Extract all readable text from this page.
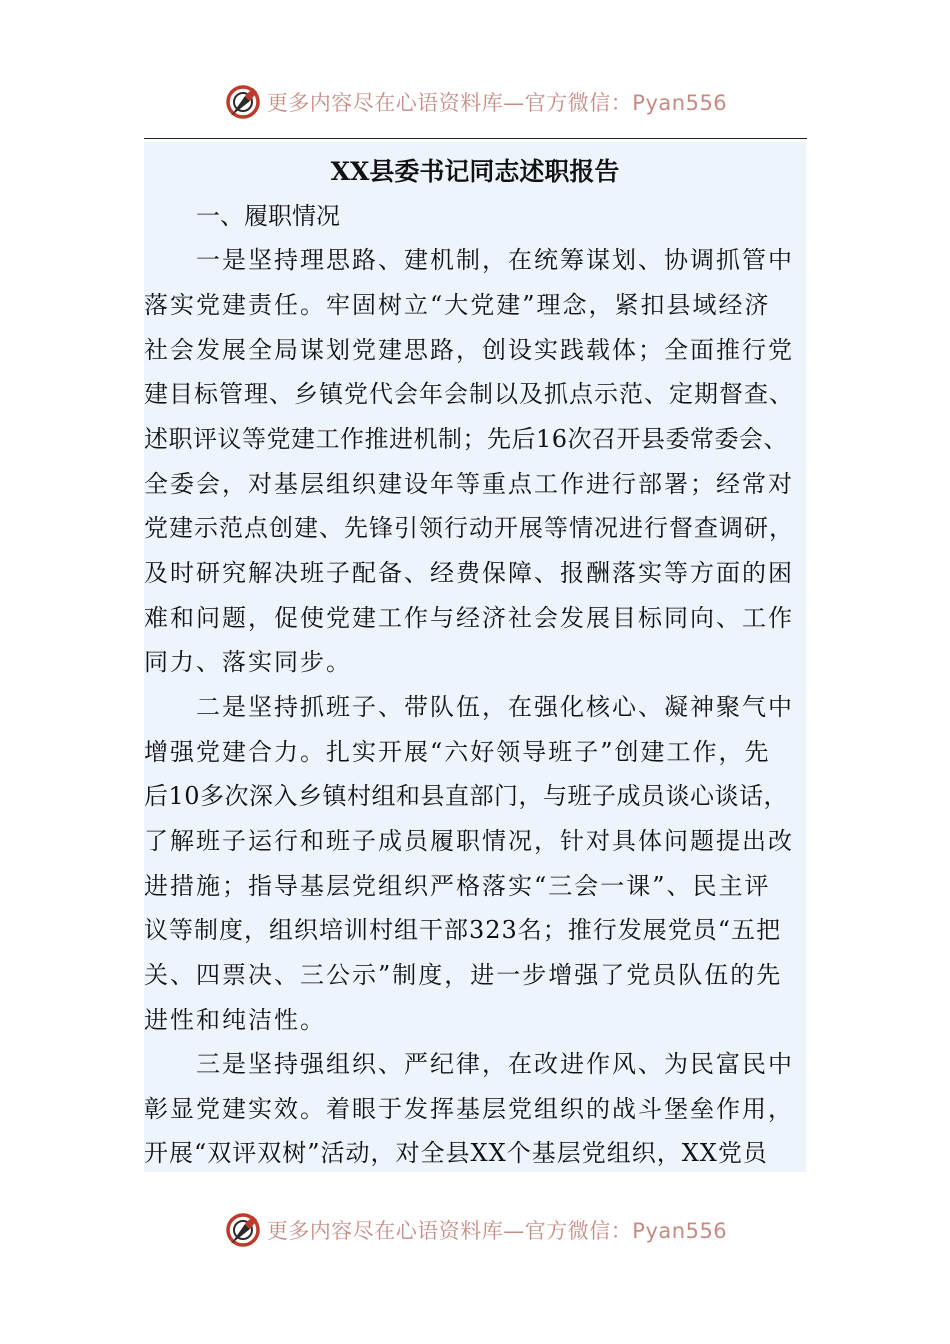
更多内容尽在心语资料库—官方微信：Pyan556
XX县委书记同志述职报告

一、履职情况

一是坚持理思路、建机制，在统筹谋划、协调抓管中

落实党建责任。牢固树立“大党建”理念，紧扣县域经济

社会发展全局谋划党建思路，创设实践载体；全面推行党

建目标管理、乡镇党代会年会制以及抓点示范、定期督查、

述职评议等党建工作推进机制；先后16次召开县委常委会、

全委会，对基层组织建设年等重点工作进行部署；经常对

党建示范点创建、先锋引领行动开展等情况进行督查调研，

及时研究解决班子配备、经费保障、报酬落实等方面的困

难和问题，促使党建工作与经济社会发展目标同向、工作

同力、落实同步。

二是坚持抓班子、带队伍，在强化核心、凝神聚气中

增强党建合力。扎实开展“六好领导班子”创建工作，先

后10多次深入乡镇村组和县直部门，与班子成员谈心谈话，

了解班子运行和班子成员履职情况，针对具体问题提出改

进措施；指导基层党组织严格落实“三会一课”、民主评

议等制度，组织培训村组干部323名；推行发展党员“五把

关、四票决、三公示”制度，进一步增强了党员队伍的先

进性和纯洁性。

三是坚持强组织、严纪律，在改进作风、为民富民中

彰显党建实效。着眼于发挥基层党组织的战斗堡垒作用，

开展“双评双树”活动，对全县XX个基层党组织，XX党员

更多内容尽在心语资料库—官方微信：Pyan556
